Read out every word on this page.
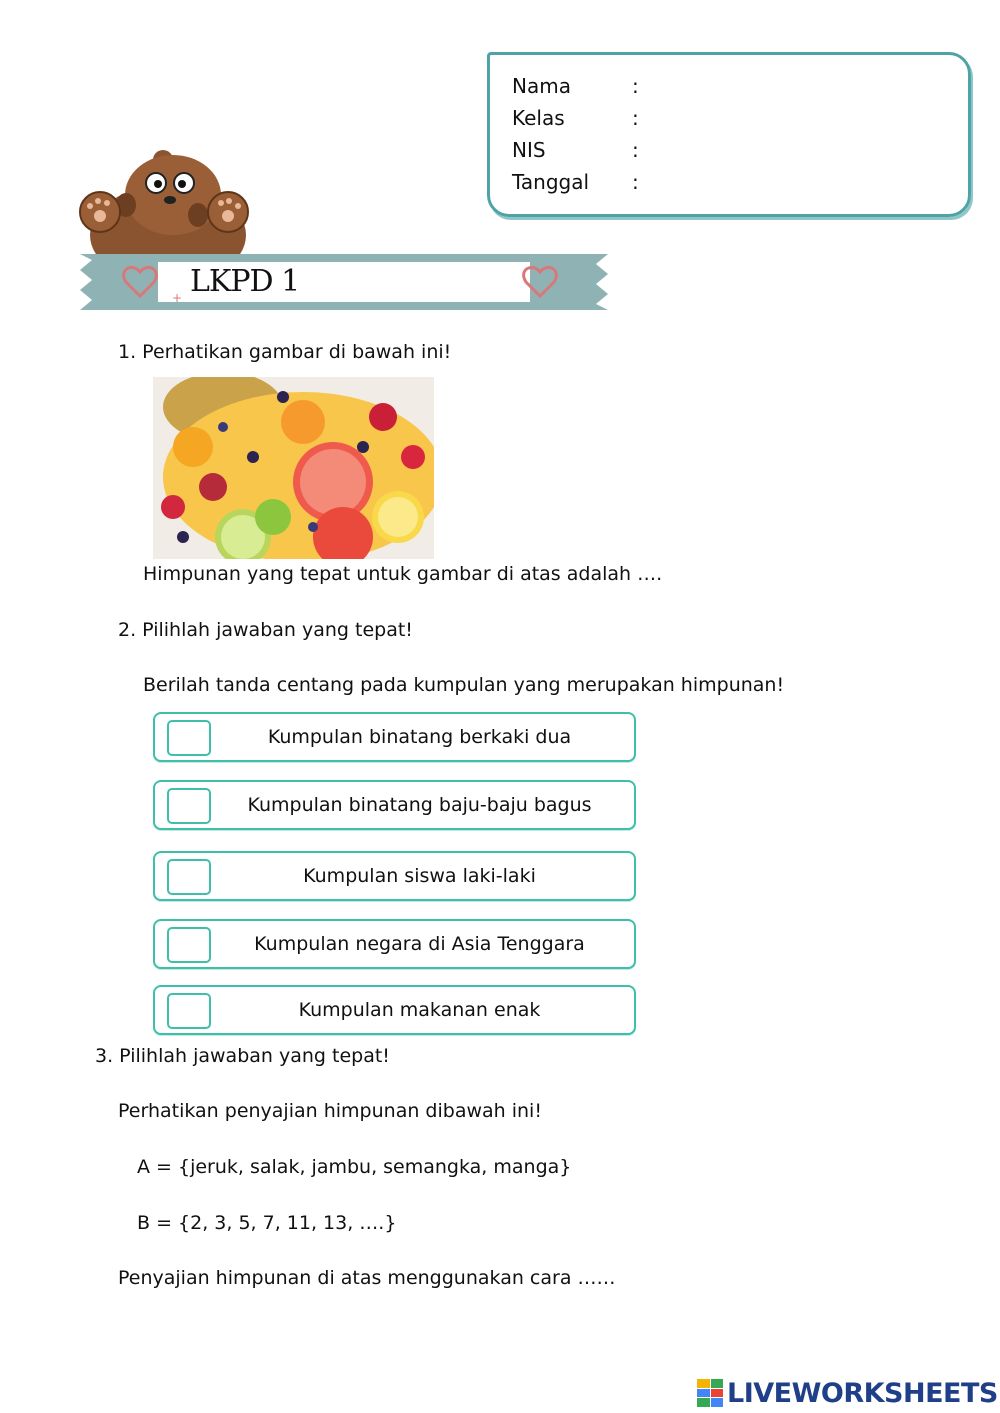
Nama	:
Kelas	:
NIS	:
Tanggal :
+ LKPD 1
1. Perhatikan gambar di bawah ini!
Himpunan yang tepat untuk gambar di atas adalah ….
2. Pilihlah jawaban yang tepat!
Berilah tanda centang pada kumpulan yang merupakan himpunan!
Kumpulan binatang berkaki dua
Kumpulan binatang baju-baju bagus
Kumpulan siswa laki-laki
Kumpulan negara di Asia Tenggara
Kumpulan makanan enak
3. Pilihlah jawaban yang tepat!
Perhatikan penyajian himpunan dibawah ini!
A = {jeruk, salak, jambu, semangka, manga}
B = {2, 3, 5, 7, 11, 13, ….}
Penyajian himpunan di atas menggunakan cara ……
LIVEWORKSHEETS
